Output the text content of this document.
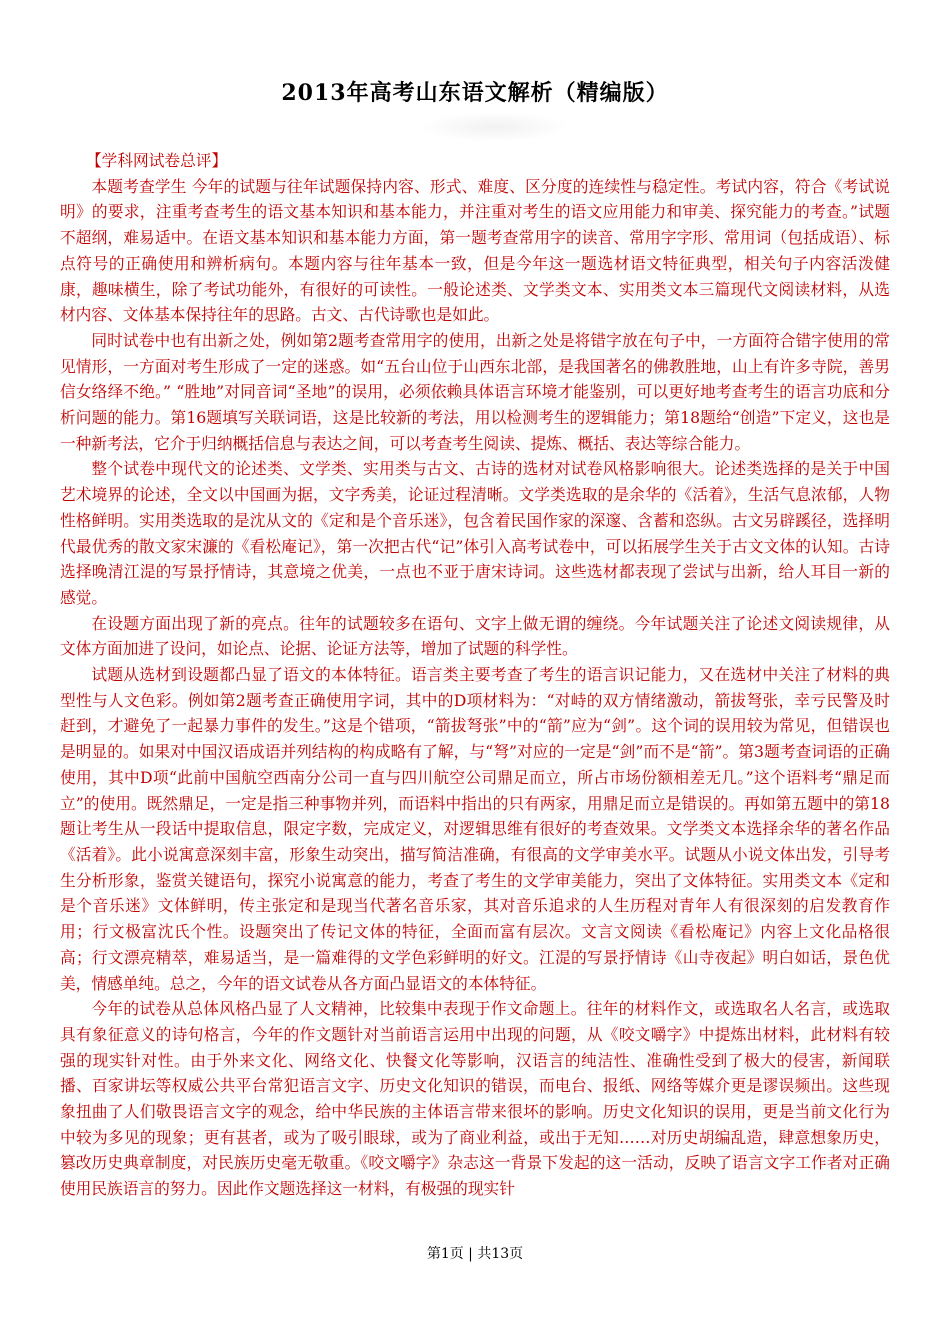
2013年高考山东语文解析（精编版）

【学科网试卷总评】

本题考查学生 今年的试题与往年试题保持内容、形式、难度、区分度的连续性与稳定性。考试内容，符合《考试说明》的要求，注重考查考生的语文基本知识和基本能力，并注重对考生的语文应用能力和审美、探究能力的考查。”试题不超纲，难易适中。在语文基本知识和基本能力方面，第一题考查常用字的读音、常用字字形、常用词（包括成语）、标点符号的正确使用和辨析病句。本题内容与往年基本一致，但是今年这一题选材语文特征典型，相关句子内容活泼健康，趣味横生，除了考试功能外，有很好的可读性。一般论述类、文学类文本、实用类文本三篇现代文阅读材料，从选材内容、文体基本保持往年的思路。古文、古代诗歌也是如此。

同时试卷中也有出新之处，例如第2题考查常用字的使用，出新之处是将错字放在句子中，一方面符合错字使用的常见情形，一方面对考生形成了一定的迷惑。如“五台山位于山西东北部，是我国著名的佛教胜地，山上有许多寺院，善男信女络绎不绝。” “胜地”对同音词“圣地”的误用，必须依赖具体语言环境才能鉴别，可以更好地考查考生的语言功底和分析问题的能力。第16题填写关联词语，这是比较新的考法，用以检测考生的逻辑能力；第18题给“创造”下定义，这也是一种新考法，它介于归纳概括信息与表达之间，可以考查考生阅读、提炼、概括、表达等综合能力。

整个试卷中现代文的论述类、文学类、实用类与古文、古诗的选材对试卷风格影响很大。论述类选择的是关于中国艺术境界的论述，全文以中国画为据，文字秀美，论证过程清晰。文学类选取的是余华的《活着》，生活气息浓郁，人物性格鲜明。实用类选取的是沈从文的《定和是个音乐迷》，包含着民国作家的深邃、含蓄和恣纵。古文另辟蹊径，选择明代最优秀的散文家宋濂的《看松庵记》，第一次把古代“记”体引入高考试卷中，可以拓展学生关于古文文体的认知。古诗选择晚清江湜的写景抒情诗，其意境之优美，一点也不亚于唐宋诗词。这些选材都表现了尝试与出新，给人耳目一新的感觉。

在设题方面出现了新的亮点。往年的试题较多在语句、文字上做无谓的缠绕。今年试题关注了论述文阅读规律，从文体方面加进了设问，如论点、论据、论证方法等，增加了试题的科学性。

试题从选材到设题都凸显了语文的本体特征。语言类主要考查了考生的语言识记能力，又在选材中关注了材料的典型性与人文色彩。例如第2题考查正确使用字词，其中的D项材料为：“对峙的双方情绪激动，箭拔弩张，幸亏民警及时赶到，才避免了一起暴力事件的发生。”这是个错项，“箭拔弩张”中的“箭”应为“剑”。这个词的误用较为常见，但错误也是明显的。如果对中国汉语成语并列结构的构成略有了解，与“弩”对应的一定是“剑”而不是“箭”。第3题考查词语的正确使用，其中D项“此前中国航空西南分公司一直与四川航空公司鼎足而立，所占市场份额相差无几。”这个语料考“鼎足而立”的使用。既然鼎足，一定是指三种事物并列，而语料中指出的只有两家，用鼎足而立是错误的。再如第五题中的第18题让考生从一段话中提取信息，限定字数，完成定义，对逻辑思维有很好的考查效果。文学类文本选择余华的著名作品《活着》。此小说寓意深刻丰富，形象生动突出，描写简洁准确，有很高的文学审美水平。试题从小说文体出发，引导考生分析形象，鉴赏关键语句，探究小说寓意的能力，考查了考生的文学审美能力，突出了文体特征。实用类文本《定和是个音乐迷》文体鲜明，传主张定和是现当代著名音乐家，其对音乐追求的人生历程对青年人有很深刻的启发教育作用；行文极富沈氏个性。设题突出了传记文体的特征，全面而富有层次。文言文阅读《看松庵记》内容上文化品格很高；行文漂亮精萃，难易适当，是一篇难得的文学色彩鲜明的好文。江湜的写景抒情诗《山寺夜起》明白如话，景色优美，情感单纯。总之，今年的语文试卷从各方面凸显语文的本体特征。

今年的试卷从总体风格凸显了人文精神，比较集中表现于作文命题上。往年的材料作文，或选取名人名言，或选取具有象征意义的诗句格言，今年的作文题针对当前语言运用中出现的问题，从《咬文嚼字》中提炼出材料，此材料有较强的现实针对性。由于外来文化、网络文化、快餐文化等影响，汉语言的纯洁性、准确性受到了极大的侵害，新闻联播、百家讲坛等权威公共平台常犯语言文字、历史文化知识的错误，而电台、报纸、网络等媒介更是谬误频出。这些现象扭曲了人们敬畏语言文字的观念，给中华民族的主体语言带来很坏的影响。历史文化知识的误用，更是当前文化行为中较为多见的现象；更有甚者，或为了吸引眼球，或为了商业利益，或出于无知……对历史胡编乱造，肆意想象历史，篡改历史典章制度，对民族历史毫无敬重。《咬文嚼字》杂志这一背景下发起的这一活动，反映了语言文字工作者对正确使用民族语言的努力。因此作文题选择这一材料，有极强的现实针

第1页 | 共13页
